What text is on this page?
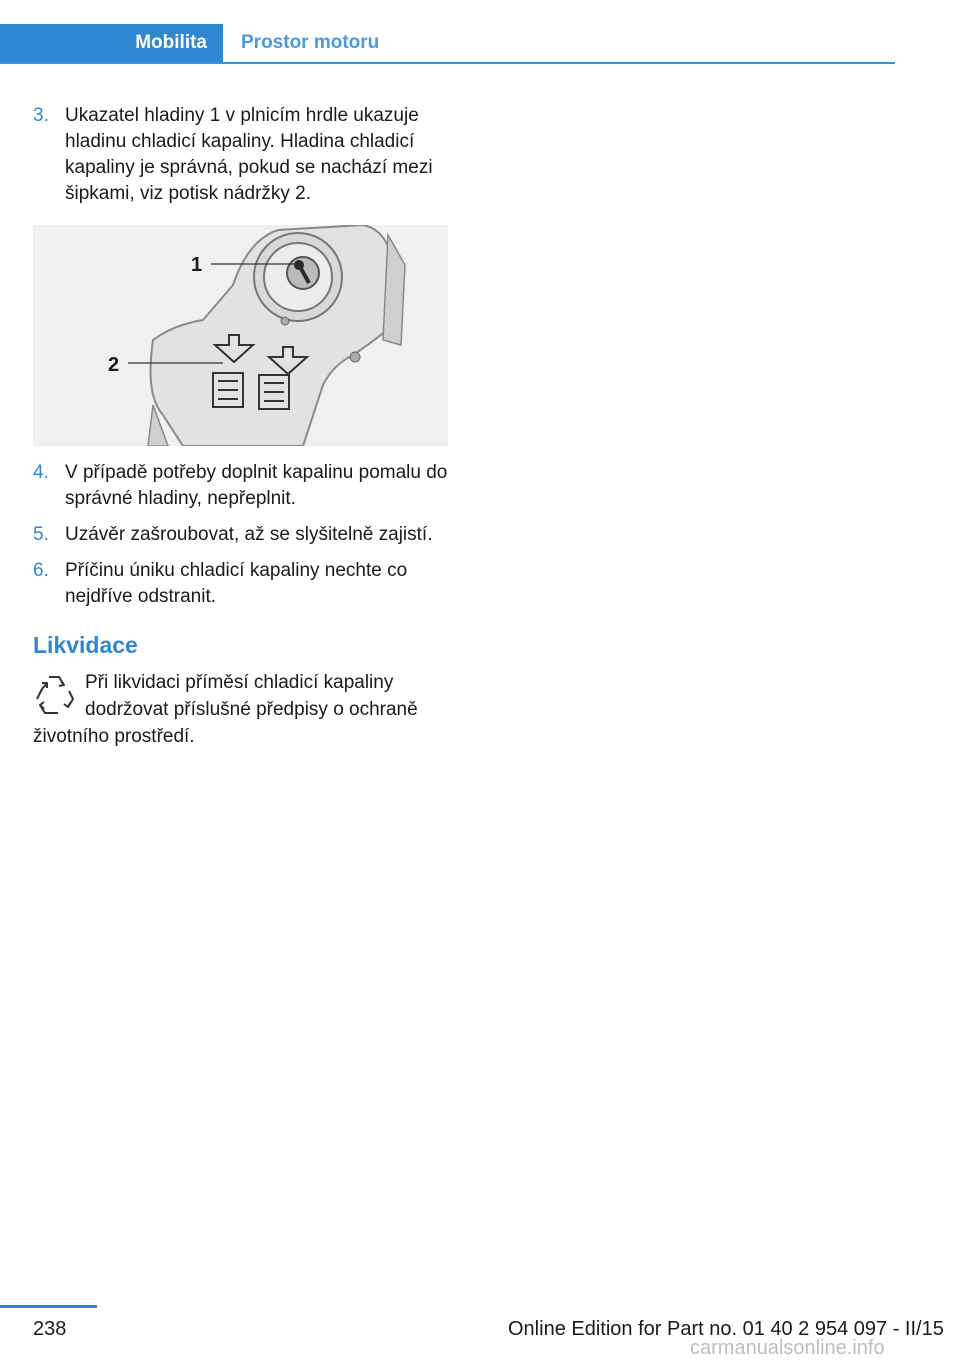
Mobilita	Prostor motoru
3. Ukazatel hladiny 1 v plnicím hrdle ukazuje hladinu chladicí kapaliny. Hladina chladicí kapaliny je správná, pokud se nachází mezi šipkami, viz potisk nádržky 2.
1
2
4. V případě potřeby doplnit kapalinu pomalu do správné hladiny, nepřeplnit.
5. Uzávěr zašroubovat, až se slyšitelně zajistí.
6. Příčinu úniku chladicí kapaliny nechte co nejdříve odstranit.
Likvidace
Při likvidaci příměsí chladicí kapaliny dodržovat příslušné předpisy o ochraně životního prostředí.
238	Online Edition for Part no. 01 40 2 954 097 - II/15
carmanualsonline.info
